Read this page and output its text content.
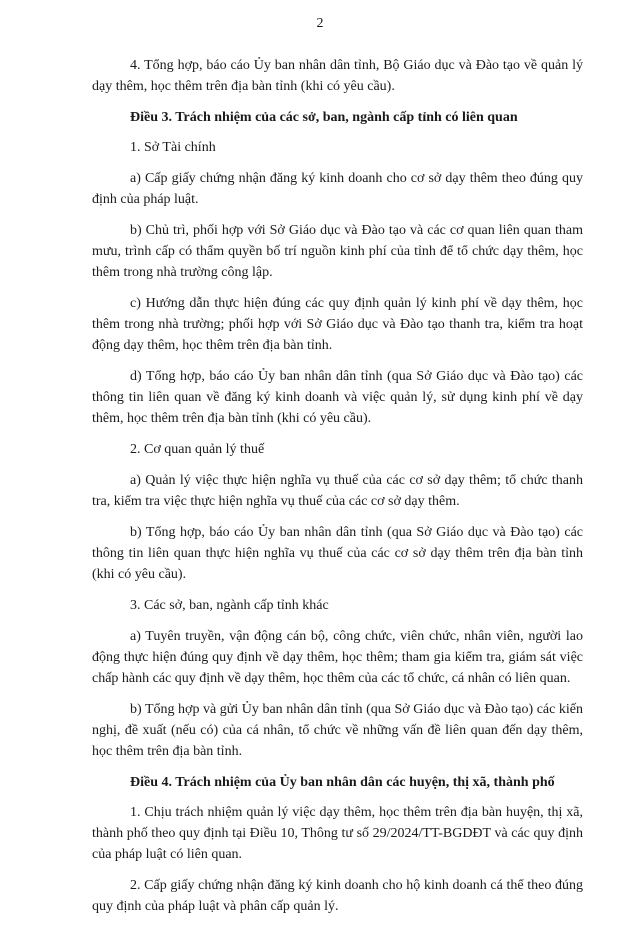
2

4. Tổng hợp, báo cáo Ủy ban nhân dân tỉnh, Bộ Giáo dục và Đào tạo về quản lý dạy thêm, học thêm trên địa bàn tỉnh (khi có yêu cầu).

Điều 3. Trách nhiệm của các sở, ban, ngành cấp tỉnh có liên quan

1. Sở Tài chính

a) Cấp giấy chứng nhận đăng ký kinh doanh cho cơ sở dạy thêm theo đúng quy định của pháp luật.

b) Chủ trì, phối hợp với Sở Giáo dục và Đào tạo và các cơ quan liên quan tham mưu, trình cấp có thẩm quyền bố trí nguồn kinh phí của tỉnh để tổ chức dạy thêm, học thêm trong nhà trường công lập.

c) Hướng dẫn thực hiện đúng các quy định quản lý kinh phí về dạy thêm, học thêm trong nhà trường; phối hợp với Sở Giáo dục và Đào tạo thanh tra, kiểm tra hoạt động dạy thêm, học thêm trên địa bàn tỉnh.

d) Tổng hợp, báo cáo Ủy ban nhân dân tỉnh (qua Sở Giáo dục và Đào tạo) các thông tin liên quan về đăng ký kinh doanh và việc quản lý, sử dụng kinh phí về dạy thêm, học thêm trên địa bàn tỉnh (khi có yêu cầu).

2. Cơ quan quản lý thuế

a) Quản lý việc thực hiện nghĩa vụ thuế của các cơ sở dạy thêm; tổ chức thanh tra, kiểm tra việc thực hiện nghĩa vụ thuế của các cơ sở dạy thêm.

b) Tổng hợp, báo cáo Ủy ban nhân dân tỉnh (qua Sở Giáo dục và Đào tạo) các thông tin liên quan thực hiện nghĩa vụ thuế của các cơ sở dạy thêm trên địa bàn tỉnh (khi có yêu cầu).

3. Các sở, ban, ngành cấp tỉnh khác

a) Tuyên truyền, vận động cán bộ, công chức, viên chức, nhân viên, người lao động thực hiện đúng quy định về dạy thêm, học thêm; tham gia kiểm tra, giám sát việc chấp hành các quy định về dạy thêm, học thêm của các tổ chức, cá nhân có liên quan.

b) Tổng hợp và gửi Ủy ban nhân dân tỉnh (qua Sở Giáo dục và Đào tạo) các kiến nghị, đề xuất (nếu có) của cá nhân, tổ chức về những vấn đề liên quan đến dạy thêm, học thêm trên địa bàn tỉnh.

Điều 4. Trách nhiệm của Ủy ban nhân dân các huyện, thị xã, thành phố

1. Chịu trách nhiệm quản lý việc dạy thêm, học thêm trên địa bàn huyện, thị xã, thành phố theo quy định tại Điều 10, Thông tư số 29/2024/TT-BGDĐT và các quy định của pháp luật có liên quan.

2. Cấp giấy chứng nhận đăng ký kinh doanh cho hộ kinh doanh cá thể theo đúng quy định của pháp luật và phân cấp quản lý.
